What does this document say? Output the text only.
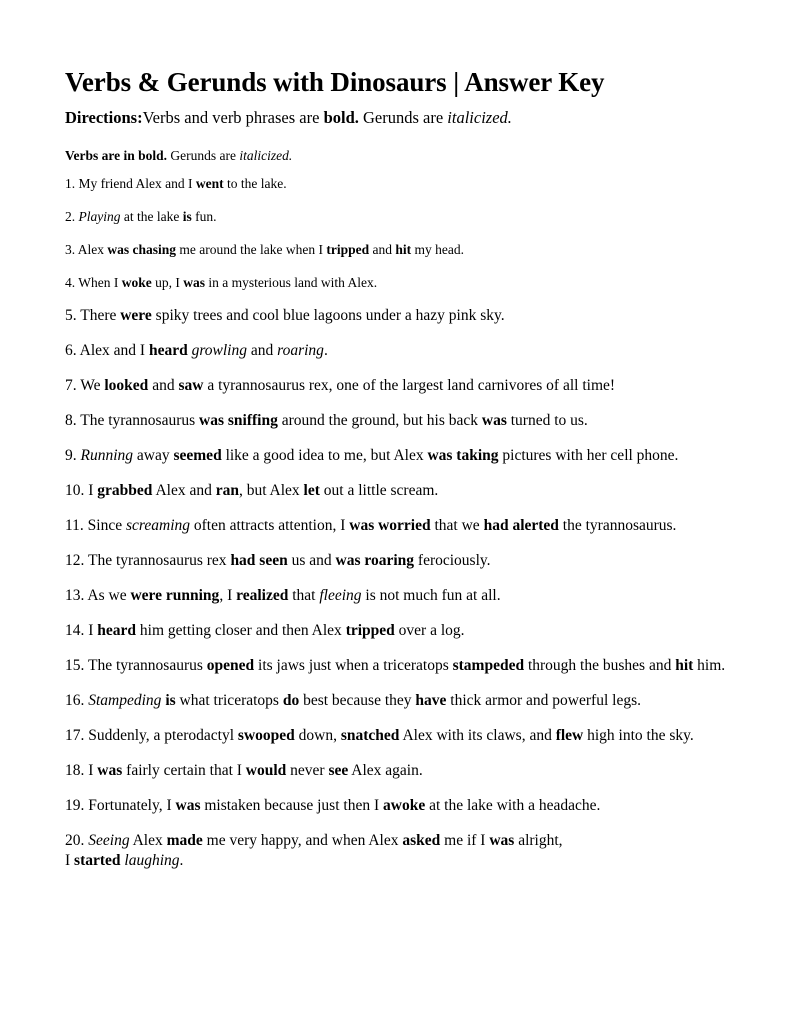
Verbs & Gerunds with Dinosaurs | Answer Key

Directions:Verbs and verb phrases are bold. Gerunds are italicized.

Verbs are in bold. Gerunds are italicized.

1. My friend Alex and I went to the lake.
2. Playing at the lake is fun.
3. Alex was chasing me around the lake when I tripped and hit my head.
4. When I woke up, I was in a mysterious land with Alex.
5. There were spiky trees and cool blue lagoons under a hazy pink sky.
6. Alex and I heard growling and roaring.
7. We looked and saw a tyrannosaurus rex, one of the largest land carnivores of all time!
8. The tyrannosaurus was sniffing around the ground, but his back was turned to us.
9. Running away seemed like a good idea to me, but Alex was taking pictures with her cell phone.
10. I grabbed Alex and ran, but Alex let out a little scream.
11. Since screaming often attracts attention, I was worried that we had alerted the tyrannosaurus.
12. The tyrannosaurus rex had seen us and was roaring ferociously.
13. As we were running, I realized that fleeing is not much fun at all.
14. I heard him getting closer and then Alex tripped over a log.
15. The tyrannosaurus opened its jaws just when a triceratops stampeded through the bushes and hit him.
16. Stampeding is what triceratops do best because they have thick armor and powerful legs.
17. Suddenly, a pterodactyl swooped down, snatched Alex with its claws, and flew high into the sky.
18. I was fairly certain that I would never see Alex again.
19. Fortunately, I was mistaken because just then I awoke at the lake with a headache.
20. Seeing Alex made me very happy, and when Alex asked me if I was alright,
I started laughing.
